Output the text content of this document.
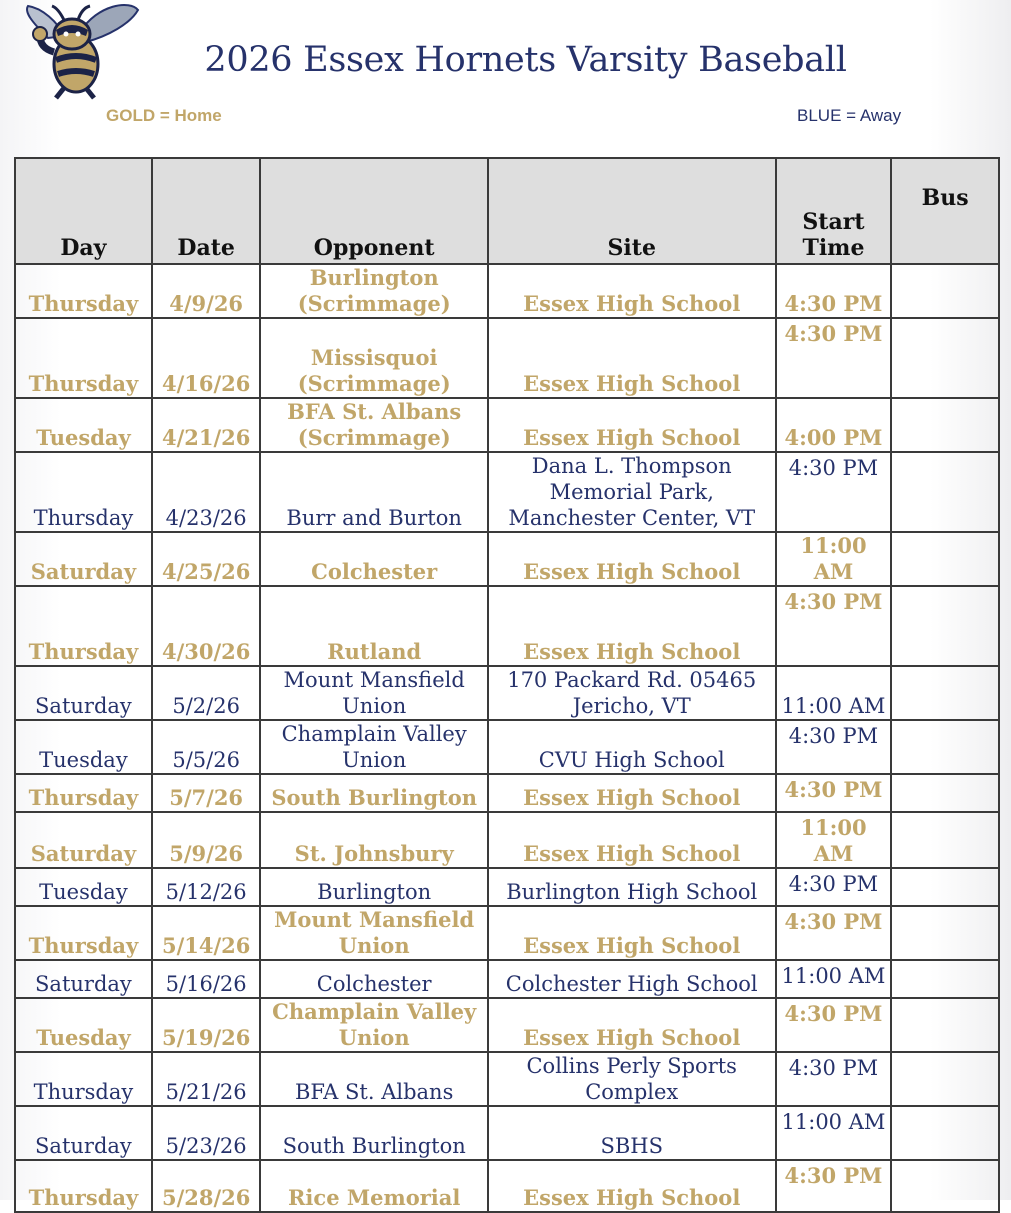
2026 Essex Hornets Varsity Baseball
GOLD = Home	BLUE = Away
Day	Date	Opponent	Site	Start Time	Bus
Thursday	4/9/26	Burlington (Scrimmage)	Essex High School	4:30 PM	
Thursday	4/16/26	Missisquoi (Scrimmage)	Essex High School	4:30 PM	
Tuesday	4/21/26	BFA St. Albans (Scrimmage)	Essex High School	4:00 PM	
Thursday	4/23/26	Burr and Burton	Dana L. Thompson Memorial Park, Manchester Center, VT	4:30 PM	
Saturday	4/25/26	Colchester	Essex High School	11:00 AM	
Thursday	4/30/26	Rutland	Essex High School	4:30 PM	
Saturday	5/2/26	Mount Mansfield Union	170 Packard Rd. 05465 Jericho, VT	11:00 AM	
Tuesday	5/5/26	Champlain Valley Union	CVU High School	4:30 PM	
Thursday	5/7/26	South Burlington	Essex High School	4:30 PM	
Saturday	5/9/26	St. Johnsbury	Essex High School	11:00 AM	
Tuesday	5/12/26	Burlington	Burlington High School	4:30 PM	
Thursday	5/14/26	Mount Mansfield Union	Essex High School	4:30 PM	
Saturday	5/16/26	Colchester	Colchester High School	11:00 AM	
Tuesday	5/19/26	Champlain Valley Union	Essex High School	4:30 PM	
Thursday	5/21/26	BFA St. Albans	Collins Perly Sports Complex	4:30 PM	
Saturday	5/23/26	South Burlington	SBHS	11:00 AM	
Thursday	5/28/26	Rice Memorial	Essex High School	4:30 PM	
